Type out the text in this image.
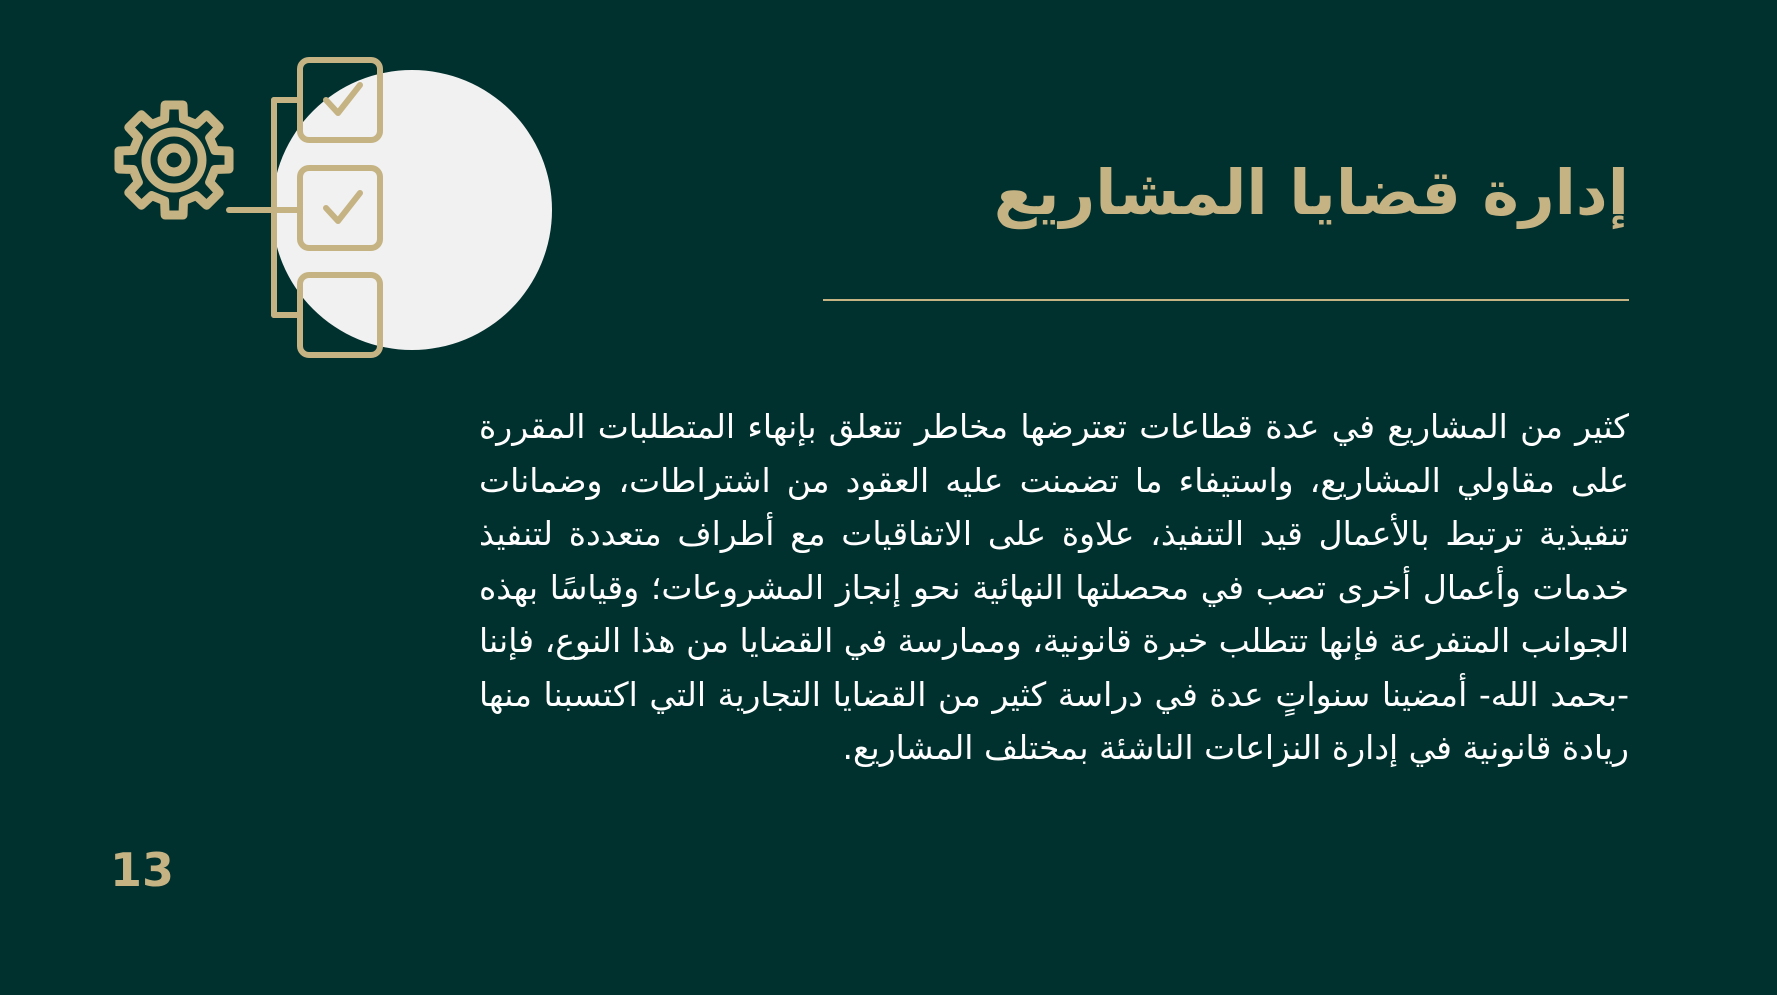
إدارة قضايا المشاريع

كثير من المشاريع في عدة قطاعات تعترضها مخاطر تتعلق بإنهاء المتطلبات المقررة على مقاولي المشاريع، واستيفاء ما تضمنت عليه العقود من اشتراطات، وضمانات تنفيذية ترتبط بالأعمال قيد التنفيذ، علاوة على الاتفاقيات مع أطراف متعددة لتنفيذ خدمات وأعمال أخرى تصب في محصلتها النهائية نحو إنجاز المشروعات؛ وقياسًا بهذه الجوانب المتفرعة فإنها تتطلب خبرة قانونية، وممارسة في القضايا من هذا النوع، فإننا -بحمد الله- أمضينا سنواتٍ عدة في دراسة كثير من القضايا التجارية التي اكتسبنا منها ريادة قانونية في إدارة النزاعات الناشئة بمختلف المشاريع.

13
